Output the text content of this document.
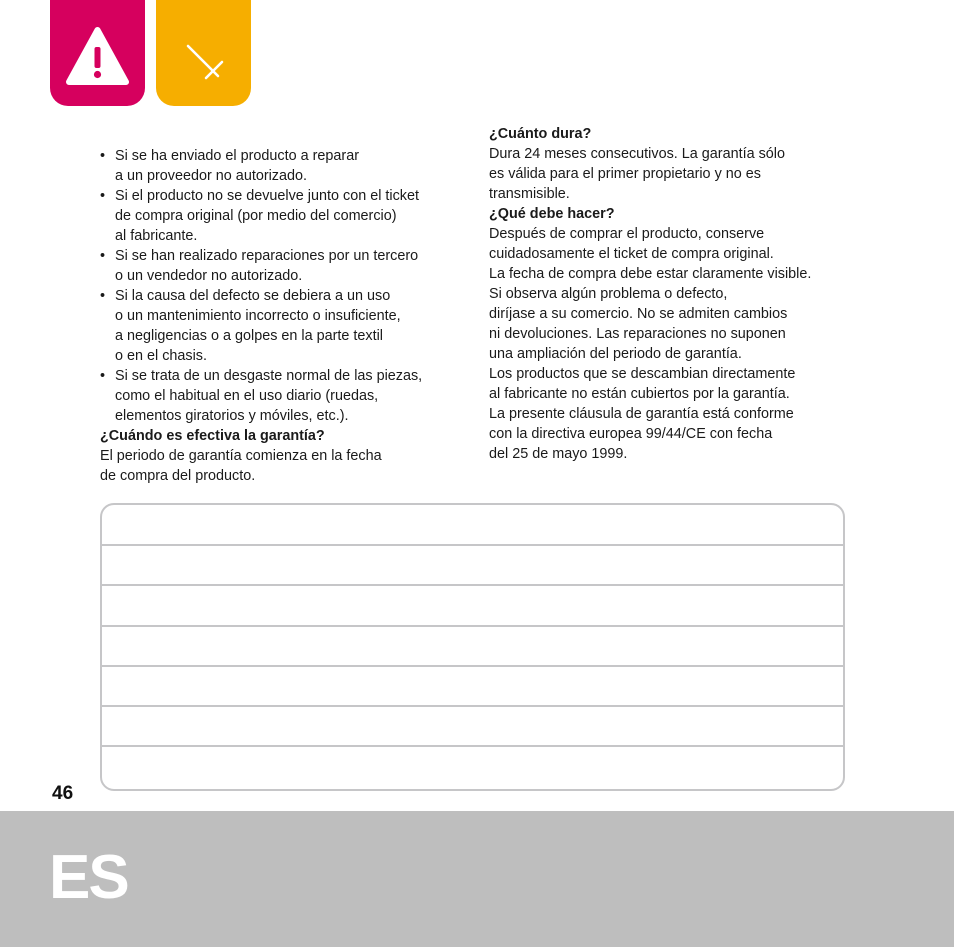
• Si se ha enviado el producto a reparar
a un proveedor no autorizado.
• Si el producto no se devuelve junto con el ticket
de compra original (por medio del comercio)
al fabricante.
• Si se han realizado reparaciones por un tercero
o un vendedor no autorizado.
• Si la causa del defecto se debiera a un uso
o un mantenimiento incorrecto o insuficiente,
a negligencias o a golpes en la parte textil
o en el chasis.
• Si se trata de un desgaste normal de las piezas,
como el habitual en el uso diario (ruedas,
elementos giratorios y móviles, etc.).
¿Cuándo es efectiva la garantía?
El periodo de garantía comienza en la fecha
de compra del producto.
¿Cuánto dura?
Dura 24 meses consecutivos. La garantía sólo
es válida para el primer propietario y no es
transmisible.
¿Qué debe hacer?
Después de comprar el producto, conserve
cuidadosamente el ticket de compra original.
La fecha de compra debe estar claramente visible.
Si observa algún problema o defecto,
diríjase a su comercio. No se admiten cambios
ni devoluciones. Las reparaciones no suponen
una ampliación del periodo de garantía.
Los productos que se descambian directamente
al fabricante no están cubiertos por la garantía.
La presente cláusula de garantía está conforme
con la directiva europea 99/44/CE con fecha
del 25 de mayo 1999.
46
ES
